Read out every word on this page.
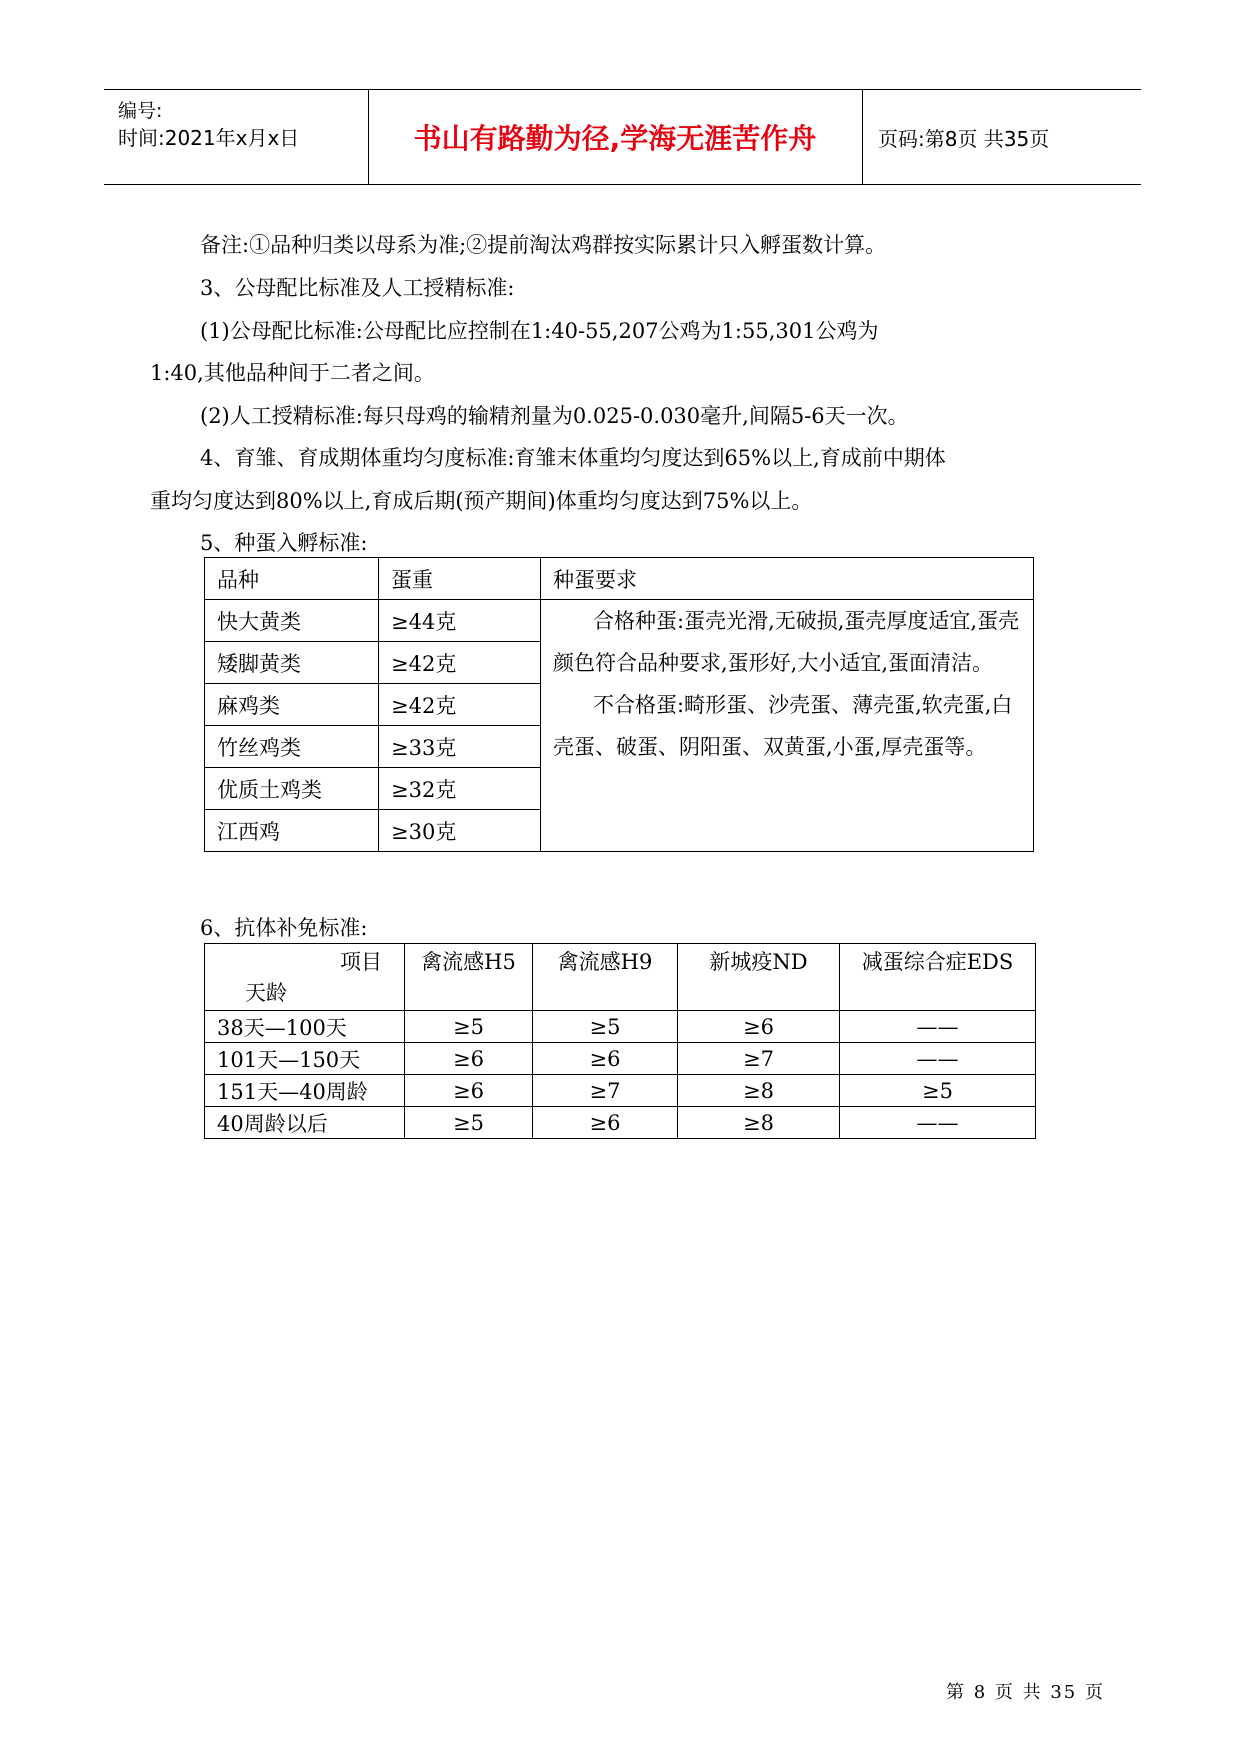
编号:
时间:2021年x月x日	书山有路勤为径,学海无涯苦作舟	页码:第8页 共35页
备注:①品种归类以母系为准;②提前淘汰鸡群按实际累计只入孵蛋数计算。
3、公母配比标准及人工授精标准:
(1)公母配比标准:公母配比应控制在1:40-55,207公鸡为1:55,301公鸡为
1:40,其他品种间于二者之间。
(2)人工授精标准:每只母鸡的输精剂量为0.025-0.030毫升,间隔5-6天一次。
4、育雏、育成期体重均匀度标准:育雏末体重均匀度达到65%以上,育成前中期体
重均匀度达到80%以上,育成后期(预产期间)体重均匀度达到75%以上。
5、种蛋入孵标准:
品种	蛋重	种蛋要求
快大黄类	≥44克	合格种蛋:蛋壳光滑,无破损,蛋壳厚度适宜,蛋壳颜色符合品种要求,蛋形好,大小适宜,蛋面清洁。
不合格蛋:畸形蛋、沙壳蛋、薄壳蛋,软壳蛋,白壳蛋、破蛋、阴阳蛋、双黄蛋,小蛋,厚壳蛋等。

矮脚黄类	≥42克	
麻鸡类	≥42克	
竹丝鸡类	≥33克	
优质土鸡类	≥32克	
江西鸡	≥30克	
6、抗体补免标准:
项目
天龄	禽流感H5	禽流感H9	新城疫ND	减蛋综合症EDS
38天—100天	≥5	≥5	≥6	——
101天—150天	≥6	≥6	≥7	——
151天—40周龄	≥6	≥7	≥8	≥5
40周龄以后	≥5	≥6	≥8	——
第 8 页 共 35 页
